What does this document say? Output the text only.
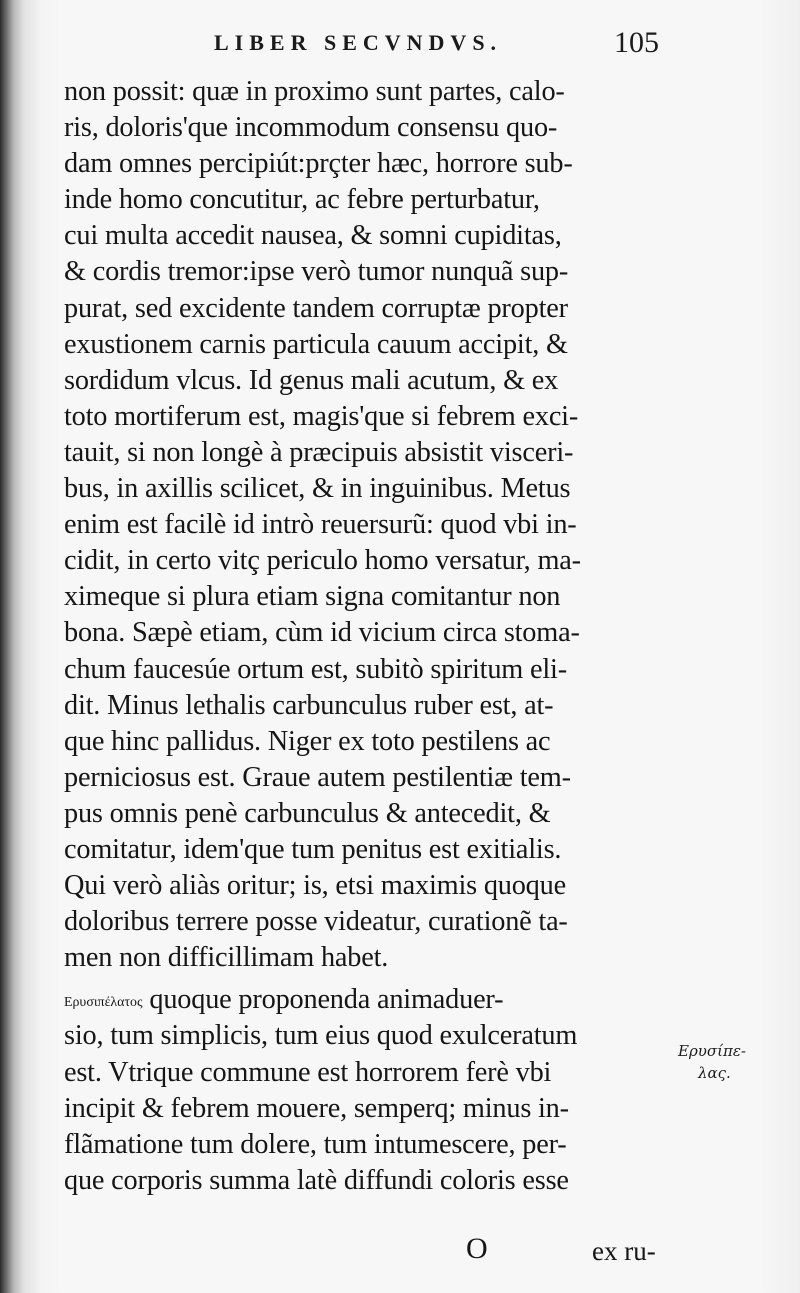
LIBER SECVNDVS.	105
non possit: quæ in proximo sunt partes, calo-
ris, doloris'que incommodum consensu quo-
dam omnes percipiút:prçter hæc, horrore sub-
inde homo concutitur, ac febre perturbatur,
cui multa accedit nausea, & somni cupiditas,
& cordis tremor:ipse verò tumor nunquã sup-
purat, sed excidente tandem corruptæ propter
exustionem carnis particula cauum accipit, &
sordidum vlcus. Id genus mali acutum, & ex
toto mortiferum est, magis'que si febrem exci-
tauit, si non longè à præcipuis absistit visceri-
bus, in axillis scilicet, & in inguinibus. Metus
enim est facilè id intrò reuersurũ: quod vbi in-
cidit, in certo vitç periculo homo versatur, ma-
ximeque si plura etiam signa comitantur non
bona. Sæpè etiam, cùm id vicium circa stoma-
chum faucesúe ortum est, subitò spiritum eli-
dit. Minus lethalis carbunculus ruber est, at-
que hinc pallidus. Niger ex toto pestilens ac
perniciosus est. Graue autem pestilentiæ tem-
pus omnis penè carbunculus & antecedit, &
comitatur, idem'que tum penitus est exitialis.
Qui verò aliàs oritur; is, etsi maximis quoque
doloribus terrere posse videatur, curationẽ ta-
men non difficillimam habet.
Ερυσιπέλατος quoque proponenda animaduer-
sio, tum simplicis, tum eius quod exulceratum
est. Vtrique commune est horrorem ferè vbi
incipit & febrem mouere, semperq; minus in-
flãmatione tum dolere, tum intumescere, per-
que corporis summa latè diffundi coloris esse
Ερυσίπε-
λας.
O	ex ru-
